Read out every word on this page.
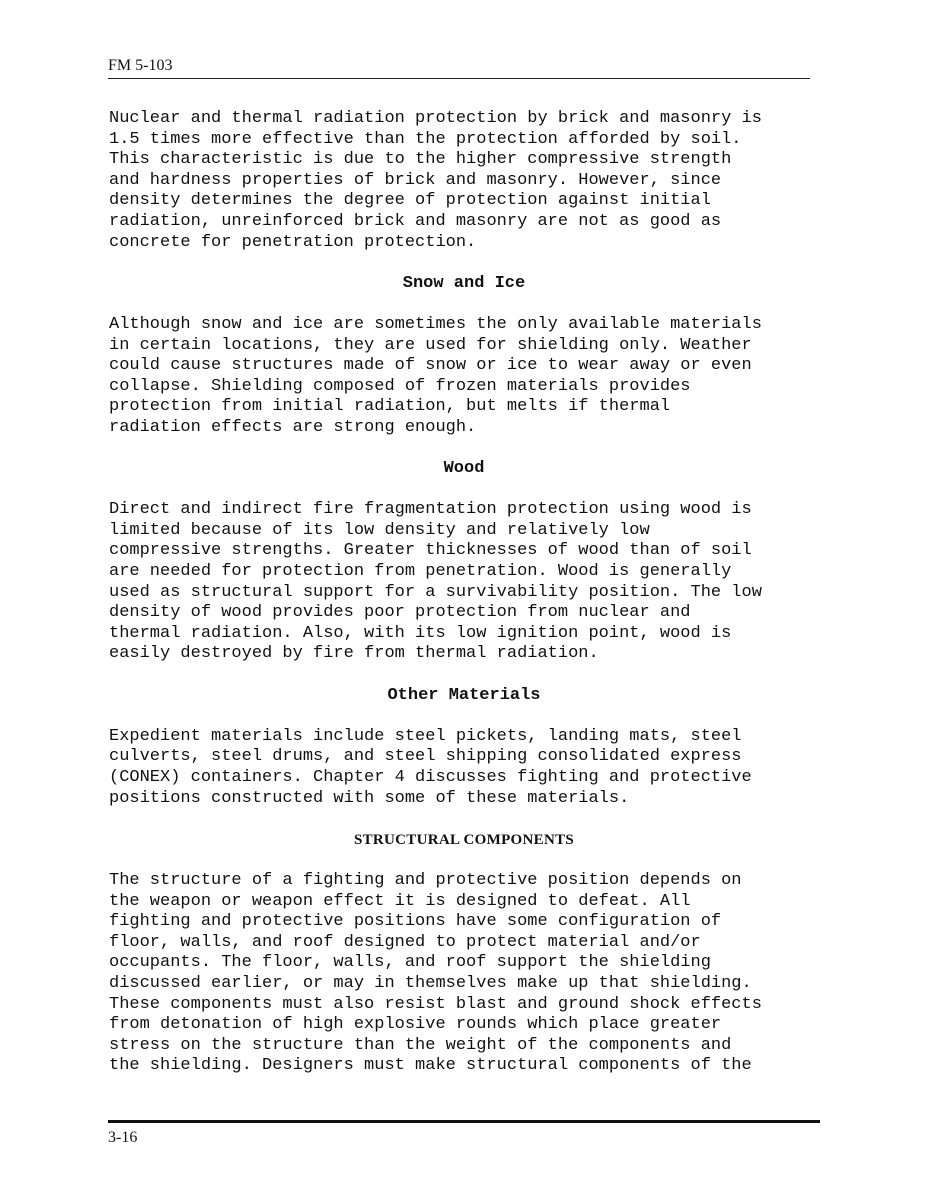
FM 5-103
Nuclear and thermal radiation protection by brick and masonry is
1.5 times more effective than the protection afforded by soil.
This characteristic is due to the higher compressive strength
and hardness properties of brick and masonry. However, since
density determines the degree of protection against initial
radiation, unreinforced brick and masonry are not as good as
concrete for penetration protection.
Snow and Ice
Although snow and ice are sometimes the only available materials
in certain locations, they are used for shielding only. Weather
could cause structures made of snow or ice to wear away or even
collapse. Shielding composed of frozen materials provides
protection from initial radiation, but melts if thermal
radiation effects are strong enough.
Wood
Direct and indirect fire fragmentation protection using wood is
limited because of its low density and relatively low
compressive strengths. Greater thicknesses of wood than of soil
are needed for protection from penetration. Wood is generally
used as structural support for a survivability position. The low
density of wood provides poor protection from nuclear and
thermal radiation. Also, with its low ignition point, wood is
easily destroyed by fire from thermal radiation.
Other Materials
Expedient materials include steel pickets, landing mats, steel
culverts, steel drums, and steel shipping consolidated express
(CONEX) containers. Chapter 4 discusses fighting and protective
positions constructed with some of these materials.
STRUCTURAL COMPONENTS
The structure of a fighting and protective position depends on
the weapon or weapon effect it is designed to defeat. All
fighting and protective positions have some configuration of
floor, walls, and roof designed to protect material and/or
occupants. The floor, walls, and roof support the shielding
discussed earlier, or may in themselves make up that shielding.
These components must also resist blast and ground shock effects
from detonation of high explosive rounds which place greater
stress on the structure than the weight of the components and
the shielding. Designers must make structural components of the
3-16
